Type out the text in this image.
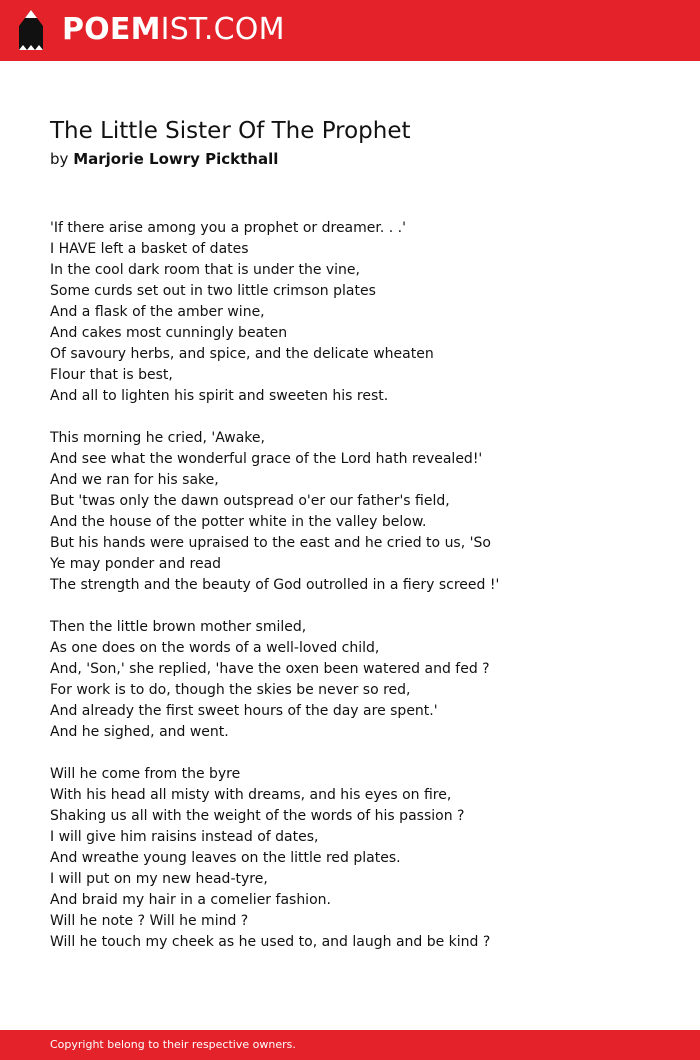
POEMIST.COM
The Little Sister Of The Prophet
by Marjorie Lowry Pickthall
'If there arise among you a prophet or dreamer. . .'
I HAVE left a basket of dates
In the cool dark room that is under the vine,
Some curds set out in two little crimson plates
And a flask of the amber wine,
And cakes most cunningly beaten
Of savoury herbs, and spice, and the delicate wheaten
Flour that is best,
And all to lighten his spirit and sweeten his rest.
This morning he cried, 'Awake,
And see what the wonderful grace of the Lord hath revealed!'
And we ran for his sake,
But 'twas only the dawn outspread o'er our father's field,
And the house of the potter white in the valley below.
But his hands were upraised to the east and he cried to us, 'So
Ye may ponder and read
The strength and the beauty of God outrolled in a fiery screed !'
Then the little brown mother smiled,
As one does on the words of a well-loved child,
And, 'Son,' she replied, 'have the oxen been watered and fed ?
For work is to do, though the skies be never so red,
And already the first sweet hours of the day are spent.'
And he sighed, and went.
Will he come from the byre
With his head all misty with dreams, and his eyes on fire,
Shaking us all with the weight of the words of his passion ?
I will give him raisins instead of dates,
And wreathe young leaves on the little red plates.
I will put on my new head-tyre,
And braid my hair in a comelier fashion.
Will he note ? Will he mind ?
Will he touch my cheek as he used to, and laugh and be kind ?
Copyright belong to their respective owners.
